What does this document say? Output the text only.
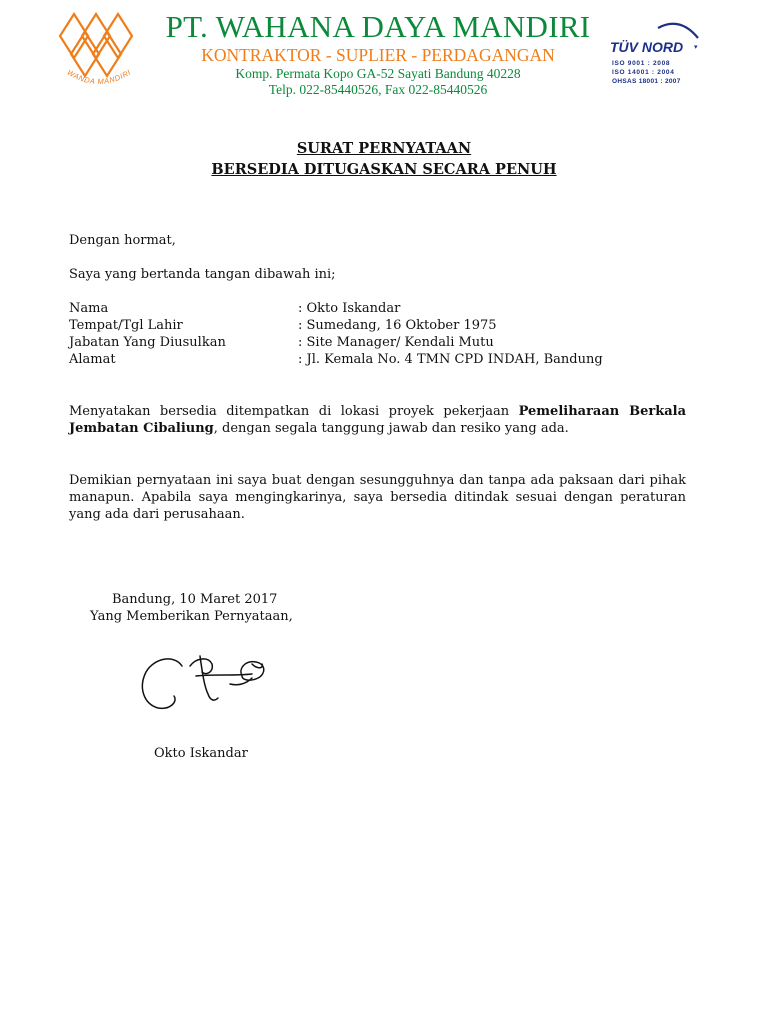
WANDA MANDIRI
PT. WAHANA DAYA MANDIRI
KONTRAKTOR - SUPLIER - PERDAGANGAN
Komp. Permata Kopo GA-52 Sayati Bandung 40228
Telp. 022-85440526, Fax 022-85440526
TÜV NORD ▾
ISO 9001 : 2008
ISO 14001 : 2004
OHSAS 18001 : 2007
SURAT PERNYATAAN
BERSEDIA DITUGASKAN SECARA PENUH
Dengan hormat,
Saya yang bertanda tangan dibawah ini;
Nama	: Okto Iskandar
Tempat/Tgl Lahir	: Sumedang, 16 Oktober 1975
Jabatan Yang Diusulkan	: Site Manager/ Kendali Mutu
Alamat	: Jl. Kemala No. 4 TMN CPD INDAH, Bandung
Menyatakan bersedia ditempatkan di lokasi proyek pekerjaan Pemeliharaan Berkala Jembatan Cibaliung, dengan segala tanggung jawab dan resiko yang ada.
Demikian pernyataan ini saya buat dengan sesungguhnya dan tanpa ada paksaan dari pihak manapun. Apabila saya mengingkarinya, saya bersedia ditindak sesuai dengan peraturan yang ada dari perusahaan.
Bandung, 10 Maret 2017
Yang Memberikan Pernyataan,
Okto Iskandar
